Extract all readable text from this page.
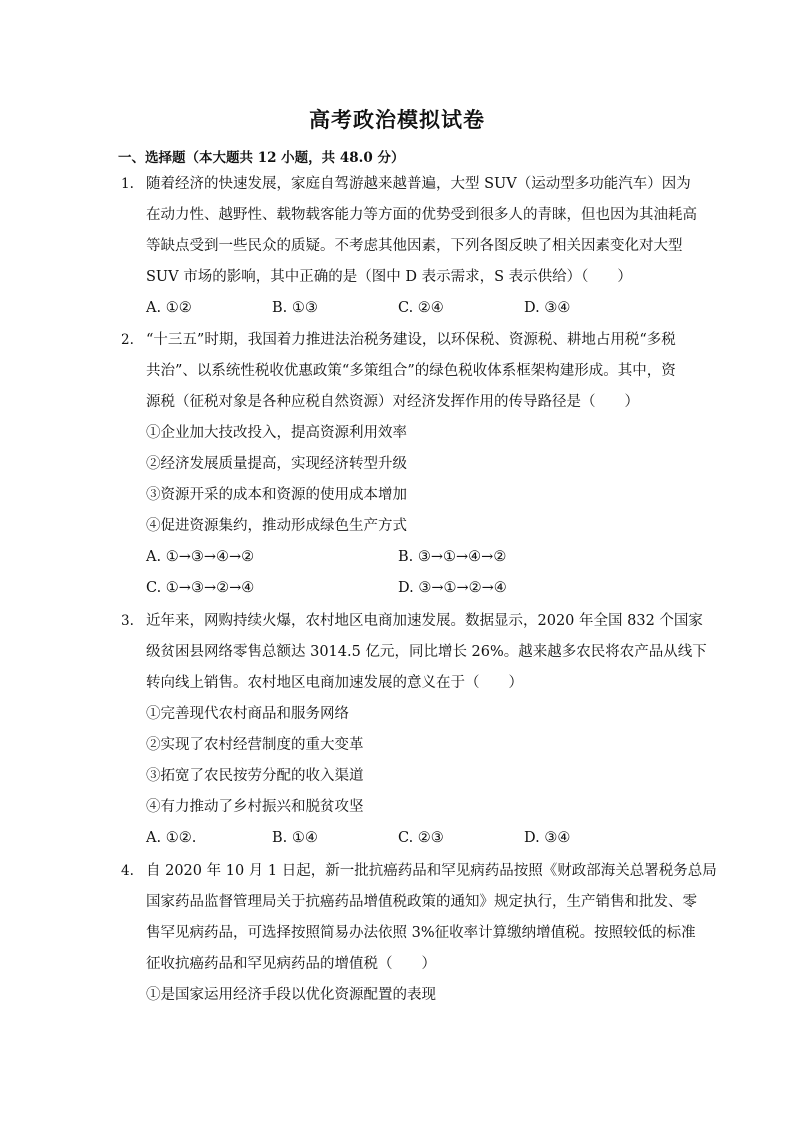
高考政治模拟试卷
一、选择题（本大题共 12 小题，共 48.0 分）
1. 随着经济的快速发展，家庭自驾游越来越普遍，大型 SUV（运动型多功能汽车）因为
在动力性、越野性、载物载客能力等方面的优势受到很多人的青睐，但也因为其油耗高
等缺点受到一些民众的质疑。不考虑其他因素，下列各图反映了相关因素变化对大型
SUV 市场的影响，其中正确的是（图中 D 表示需求，S 表示供给）（　　）
A. ①②	B. ①③	C. ②④	D. ③④
2. “十三五”时期，我国着力推进法治税务建设，以环保税、资源税、耕地占用税“多税
共治”、以系统性税收优惠政策“多策组合”的绿色税收体系框架构建形成。其中，资
源税（征税对象是各种应税自然资源）对经济发挥作用的传导路径是（　　）
①企业加大技改投入，提高资源利用效率
②经济发展质量提高，实现经济转型升级
③资源开采的成本和资源的使用成本增加
④促进资源集约，推动形成绿色生产方式
A. ①→③→④→②	B. ③→①→④→②
C. ①→③→②→④	D. ③→①→②→④
3. 近年来，网购持续火爆，农村地区电商加速发展。数据显示，2020 年全国 832 个国家
级贫困县网络零售总额达 3014.5 亿元，同比增长 26%。越来越多农民将农产品从线下
转向线上销售。农村地区电商加速发展的意义在于（　　）
①完善现代农村商品和服务网络
②实现了农村经营制度的重大变革
③拓宽了农民按劳分配的收入渠道
④有力推动了乡村振兴和脱贫攻坚
A. ①②.	B. ①④	C. ②③	D. ③④
4. 自 2020 年 10 月 1 日起，新一批抗癌药品和罕见病药品按照《财政部海关总署税务总局
国家药品监督管理局关于抗癌药品增值税政策的通知》规定执行，生产销售和批发、零
售罕见病药品，可选择按照简易办法依照 3%征收率计算缴纳增值税。按照较低的标准
征收抗癌药品和罕见病药品的增值税（　　）
①是国家运用经济手段以优化资源配置的表现
